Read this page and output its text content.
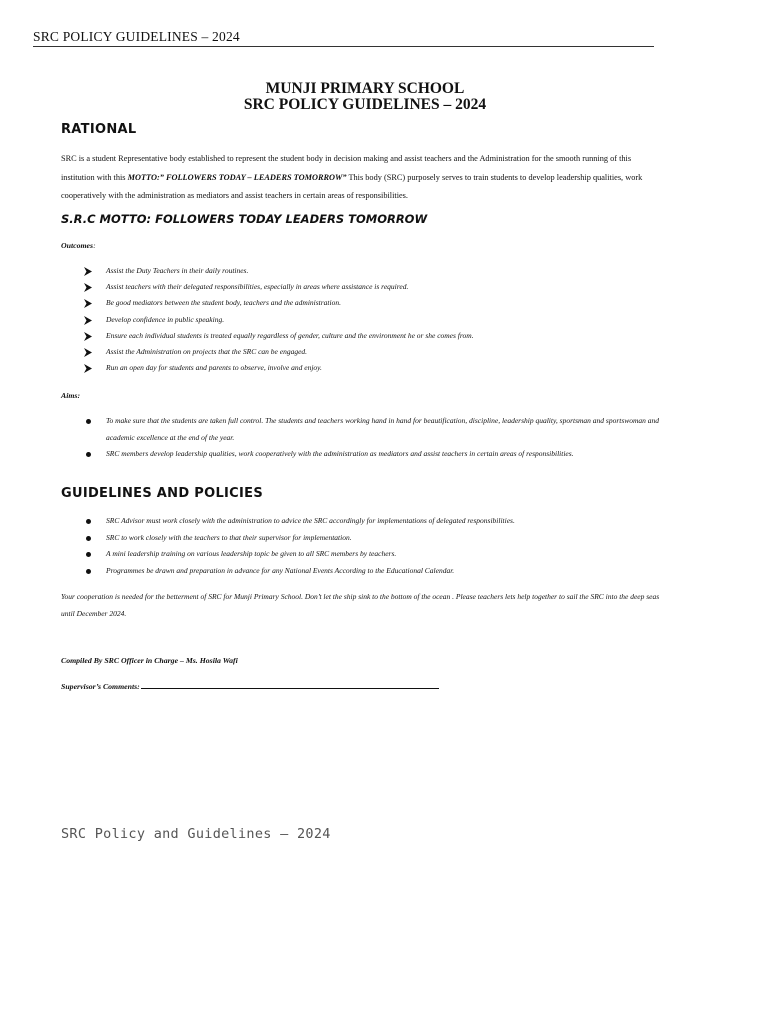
SRC POLICY GUIDELINES – 2024
MUNJI PRIMARY SCHOOL
SRC POLICY GUIDELINES – 2024
RATIONAL
SRC is a student Representative body established to represent the student body in decision making and assist teachers and the Administration for the smooth running of this institution with this MOTTO:” FOLLOWERS TODAY – LEADERS TOMORROW” This body (SRC) purposely serves to train students to develop leadership qualities, work cooperatively with the administration as mediators and assist teachers in certain areas of responsibilities.
S.R.C MOTTO: FOLLOWERS TODAY LEADERS TOMORROW
Outcomes:
Assist the Duty Teachers in their daily routines.
Assist teachers with their delegated responsibilities, especially in areas where assistance is required.
Be good mediators between the student body, teachers and the administration.
Develop confidence in public speaking.
Ensure each individual students is treated equally regardless of gender, culture and the environment he or she comes from.
Assist the Administration on projects that the SRC can be engaged.
Run an open day for students and parents to observe, involve and enjoy.
Aims:
To make sure that the students are taken full control. The students and teachers working hand in hand for beautification, discipline, leadership quality, sportsman and sportswoman and academic excellence at the end of the year.
SRC members develop leadership qualities, work cooperatively with the administration as mediators and assist teachers in certain areas of responsibilities.
GUIDELINES AND POLICIES
SRC Advisor must work closely with the administration to advice the SRC accordingly for implementations of delegated responsibilities.
SRC to work closely with the teachers to that their supervisor for implementation.
A mini leadership training on various leadership topic be given to all SRC members by teachers.
Programmes be drawn and preparation in advance for any National Events According to the Educational Calendar.
Your cooperation is needed for the betterment of SRC for Munji Primary School. Don’t let the ship sink to the bottom of the ocean . Please teachers lets help together to sail the SRC into the deep seas until December 2024.
Compiled By SRC Officer in Charge – Ms. Hosila Wafi
Supervisor’s Comments:
SRC Policy and Guidelines – 2024
